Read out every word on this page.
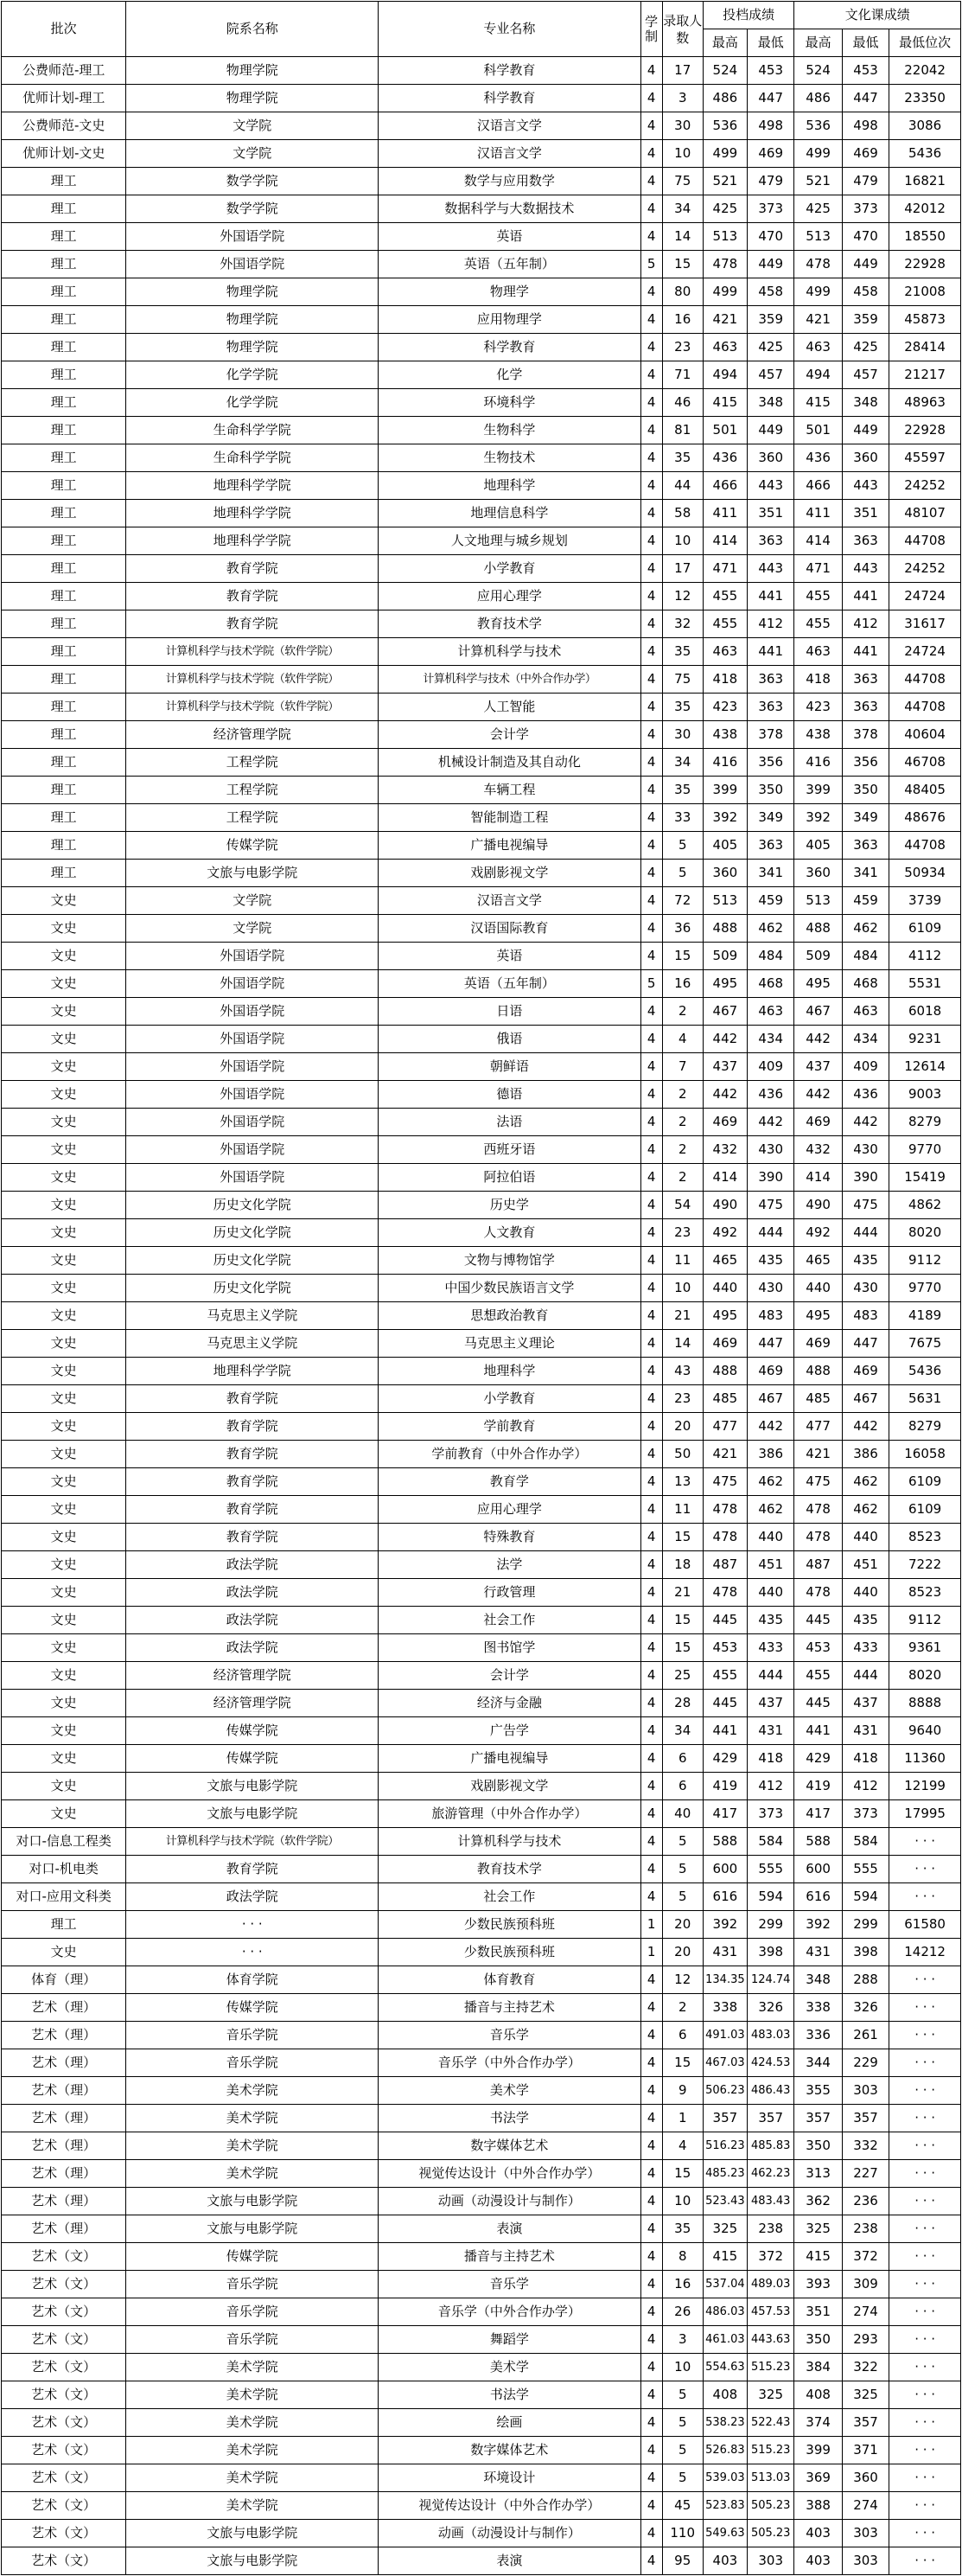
批次	院系名称	专业名称	学制	录取人数	投档成绩		文化课成绩		
					最高	最低	最高	最低	最低位次
公费师范-理工	物理学院	科学教育	4	17	524	453	524	453	22042
优师计划-理工	物理学院	科学教育	4	3	486	447	486	447	23350
公费师范-文史	文学院	汉语言文学	4	30	536	498	536	498	3086
优师计划-文史	文学院	汉语言文学	4	10	499	469	499	469	5436
理工	数学学院	数学与应用数学	4	75	521	479	521	479	16821
理工	数学学院	数据科学与大数据技术	4	34	425	373	425	373	42012
理工	外国语学院	英语	4	14	513	470	513	470	18550
理工	外国语学院	英语（五年制）	5	15	478	449	478	449	22928
理工	物理学院	物理学	4	80	499	458	499	458	21008
理工	物理学院	应用物理学	4	16	421	359	421	359	45873
理工	物理学院	科学教育	4	23	463	425	463	425	28414
理工	化学学院	化学	4	71	494	457	494	457	21217
理工	化学学院	环境科学	4	46	415	348	415	348	48963
理工	生命科学学院	生物科学	4	81	501	449	501	449	22928
理工	生命科学学院	生物技术	4	35	436	360	436	360	45597
理工	地理科学学院	地理科学	4	44	466	443	466	443	24252
理工	地理科学学院	地理信息科学	4	58	411	351	411	351	48107
理工	地理科学学院	人文地理与城乡规划	4	10	414	363	414	363	44708
理工	教育学院	小学教育	4	17	471	443	471	443	24252
理工	教育学院	应用心理学	4	12	455	441	455	441	24724
理工	教育学院	教育技术学	4	32	455	412	455	412	31617
理工	计算机科学与技术学院（软件学院）	计算机科学与技术	4	35	463	441	463	441	24724
理工	计算机科学与技术学院（软件学院）	计算机科学与技术（中外合作办学）	4	75	418	363	418	363	44708
理工	计算机科学与技术学院（软件学院）	人工智能	4	35	423	363	423	363	44708
理工	经济管理学院	会计学	4	30	438	378	438	378	40604
理工	工程学院	机械设计制造及其自动化	4	34	416	356	416	356	46708
理工	工程学院	车辆工程	4	35	399	350	399	350	48405
理工	工程学院	智能制造工程	4	33	392	349	392	349	48676
理工	传媒学院	广播电视编导	4	5	405	363	405	363	44708
理工	文旅与电影学院	戏剧影视文学	4	5	360	341	360	341	50934
文史	文学院	汉语言文学	4	72	513	459	513	459	3739
文史	文学院	汉语国际教育	4	36	488	462	488	462	6109
文史	外国语学院	英语	4	15	509	484	509	484	4112
文史	外国语学院	英语（五年制）	5	16	495	468	495	468	5531
文史	外国语学院	日语	4	2	467	463	467	463	6018
文史	外国语学院	俄语	4	4	442	434	442	434	9231
文史	外国语学院	朝鲜语	4	7	437	409	437	409	12614
文史	外国语学院	德语	4	2	442	436	442	436	9003
文史	外国语学院	法语	4	2	469	442	469	442	8279
文史	外国语学院	西班牙语	4	2	432	430	432	430	9770
文史	外国语学院	阿拉伯语	4	2	414	390	414	390	15419
文史	历史文化学院	历史学	4	54	490	475	490	475	4862
文史	历史文化学院	人文教育	4	23	492	444	492	444	8020
文史	历史文化学院	文物与博物馆学	4	11	465	435	465	435	9112
文史	历史文化学院	中国少数民族语言文学	4	10	440	430	440	430	9770
文史	马克思主义学院	思想政治教育	4	21	495	483	495	483	4189
文史	马克思主义学院	马克思主义理论	4	14	469	447	469	447	7675
文史	地理科学学院	地理科学	4	43	488	469	488	469	5436
文史	教育学院	小学教育	4	23	485	467	485	467	5631
文史	教育学院	学前教育	4	20	477	442	477	442	8279
文史	教育学院	学前教育（中外合作办学）	4	50	421	386	421	386	16058
文史	教育学院	教育学	4	13	475	462	475	462	6109
文史	教育学院	应用心理学	4	11	478	462	478	462	6109
文史	教育学院	特殊教育	4	15	478	440	478	440	8523
文史	政法学院	法学	4	18	487	451	487	451	7222
文史	政法学院	行政管理	4	21	478	440	478	440	8523
文史	政法学院	社会工作	4	15	445	435	445	435	9112
文史	政法学院	图书馆学	4	15	453	433	453	433	9361
文史	经济管理学院	会计学	4	25	455	444	455	444	8020
文史	经济管理学院	经济与金融	4	28	445	437	445	437	8888
文史	传媒学院	广告学	4	34	441	431	441	431	9640
文史	传媒学院	广播电视编导	4	6	429	418	429	418	11360
文史	文旅与电影学院	戏剧影视文学	4	6	419	412	419	412	12199
文史	文旅与电影学院	旅游管理（中外合作办学）	4	40	417	373	417	373	17995
对口-信息工程类	计算机科学与技术学院（软件学院）	计算机科学与技术	4	5	588	584	588	584	· · ·
对口-机电类	教育学院	教育技术学	4	5	600	555	600	555	· · ·
对口-应用文科类	政法学院	社会工作	4	5	616	594	616	594	· · ·
理工	· · ·	少数民族预科班	1	20	392	299	392	299	61580
文史	· · ·	少数民族预科班	1	20	431	398	431	398	14212
体育（理）	体育学院	体育教育	4	12	134.35	124.74	348	288	· · ·
艺术（理）	传媒学院	播音与主持艺术	4	2	338	326	338	326	· · ·
艺术（理）	音乐学院	音乐学	4	6	491.03	483.03	336	261	· · ·
艺术（理）	音乐学院	音乐学（中外合作办学）	4	15	467.03	424.53	344	229	· · ·
艺术（理）	美术学院	美术学	4	9	506.23	486.43	355	303	· · ·
艺术（理）	美术学院	书法学	4	1	357	357	357	357	· · ·
艺术（理）	美术学院	数字媒体艺术	4	4	516.23	485.83	350	332	· · ·
艺术（理）	美术学院	视觉传达设计（中外合作办学）	4	15	485.23	462.23	313	227	· · ·
艺术（理）	文旅与电影学院	动画（动漫设计与制作）	4	10	523.43	483.43	362	236	· · ·
艺术（理）	文旅与电影学院	表演	4	35	325	238	325	238	· · ·
艺术（文）	传媒学院	播音与主持艺术	4	8	415	372	415	372	· · ·
艺术（文）	音乐学院	音乐学	4	16	537.04	489.03	393	309	· · ·
艺术（文）	音乐学院	音乐学（中外合作办学）	4	26	486.03	457.53	351	274	· · ·
艺术（文）	音乐学院	舞蹈学	4	3	461.03	443.63	350	293	· · ·
艺术（文）	美术学院	美术学	4	10	554.63	515.23	384	322	· · ·
艺术（文）	美术学院	书法学	4	5	408	325	408	325	· · ·
艺术（文）	美术学院	绘画	4	5	538.23	522.43	374	357	· · ·
艺术（文）	美术学院	数字媒体艺术	4	5	526.83	515.23	399	371	· · ·
艺术（文）	美术学院	环境设计	4	5	539.03	513.03	369	360	· · ·
艺术（文）	美术学院	视觉传达设计（中外合作办学）	4	45	523.83	505.23	388	274	· · ·
艺术（文）	文旅与电影学院	动画（动漫设计与制作）	4	110	549.63	505.23	403	303	· · ·
艺术（文）	文旅与电影学院	表演	4	95	403	303	403	303	· · ·
